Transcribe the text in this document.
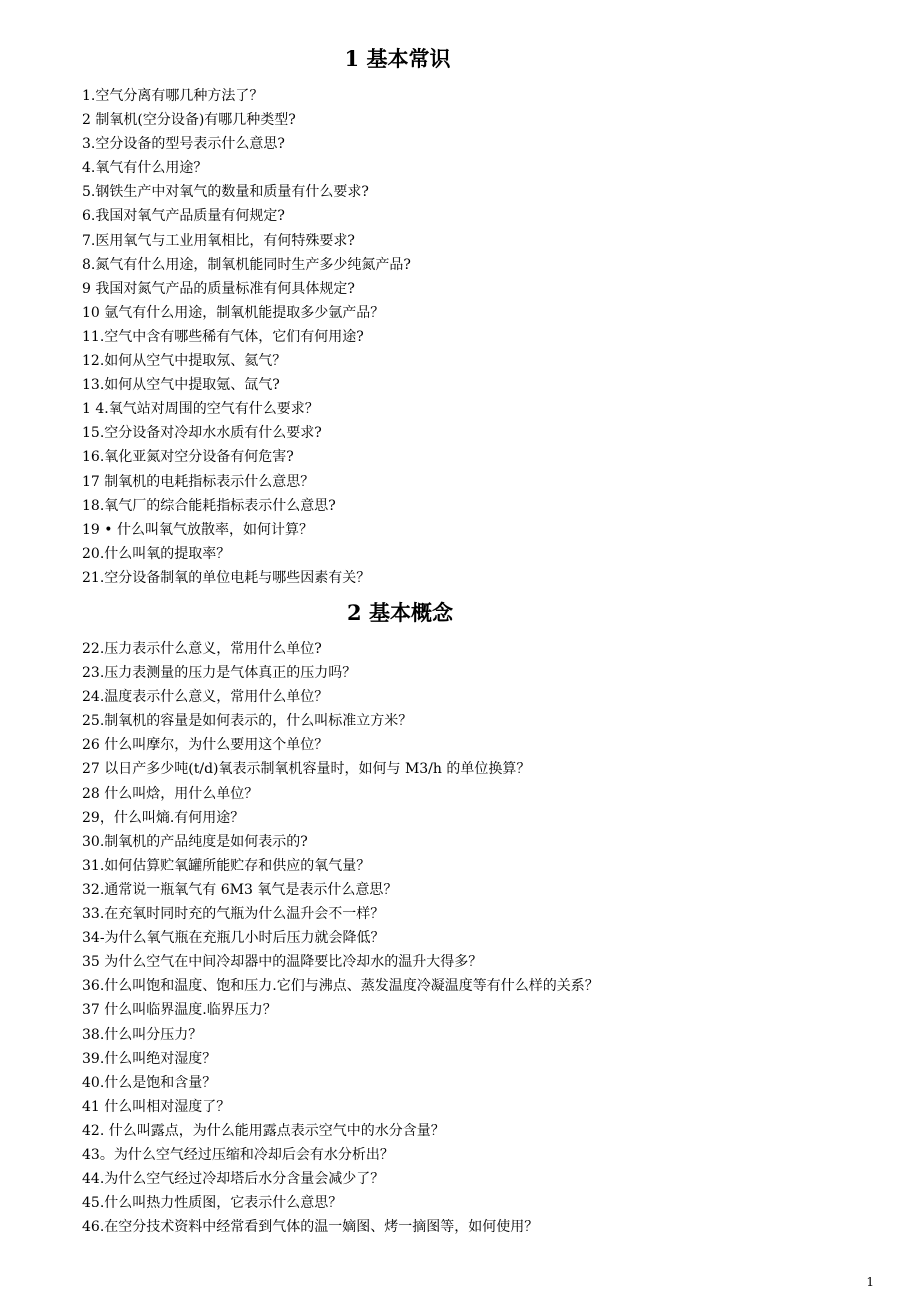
1 基本常识
1.空气分离有哪几种方法了？
2 制氧机(空分设备)有哪几种类型?
3.空分设备的型号表示什么意思?
4.氧气有什么用途？
5.钢铁生产中对氧气的数量和质量有什么要求?
6.我国对氧气产品质量有何规定?
7.医用氧气与工业用氧相比，有何特殊要求?
8.氮气有什么用途，制氧机能同时生产多少纯氮产品?
9 我国对氮气产品的质量标准有何具体规定?
10 氩气有什么用途，制氧机能提取多少氩产品？
11.空气中含有哪些稀有气体，它们有何用途?
12.如何从空气中提取氖、氦气？
13.如何从空气中提取氪、氙气?
1 4.氧气站对周围的空气有什么要求？
15.空分设备对冷却水水质有什么要求?
16.氧化亚氮对空分设备有何危害?
17 制氧机的电耗指标表示什么意思？
18.氧气厂的综合能耗指标表示什么意思?
19 • 什么叫氧气放散率，如何计算？
20.什么叫氧的提取率？
21.空分设备制氧的单位电耗与哪些因素有关？
2 基本概念
22.压力表示什么意义，常用什么单位?
23.压力表测量的压力是气体真正的压力吗？
24.温度表示什么意义，常用什么单位？
25.制氧机的容量是如何表示的，什么叫标准立方米？
26 什么叫摩尔，为什么要用这个单位？
27 以日产多少吨(t/d)氧表示制氧机容量时，如何与 M3/h 的单位换算？
28 什么叫焓，用什么单位？
29，什么叫熵.有何用途？
30.制氧机的产品纯度是如何表示的?
31.如何估算贮氧罐所能贮存和供应的氧气量？
32.通常说一瓶氧气有 6M3 氧气是表示什么意思？
33.在充氧时同时充的气瓶为什么温升会不一样？
34-为什么氧气瓶在充瓶几小时后压力就会降低？
35 为什么空气在中间冷却器中的温降要比冷却水的温升大得多？
36.什么叫饱和温度、饱和压力.它们与沸点、蒸发温度冷凝温度等有什么样的关系？
37 什么叫临界温度.临界压力？
38.什么叫分压力？
39.什么叫绝对湿度？
40.什么是饱和含量？
41 什么叫相对湿度了？
42. 什么叫露点，为什么能用露点表示空气中的水分含量？
43。为什么空气经过压缩和冷却后会有水分析出？
44.为什么空气经过冷却塔后水分含量会减少了？
45.什么叫热力性质图，它表示什么意思？
46.在空分技术资料中经常看到气体的温一嫡图、烤一摘图等，如何使用？
1
